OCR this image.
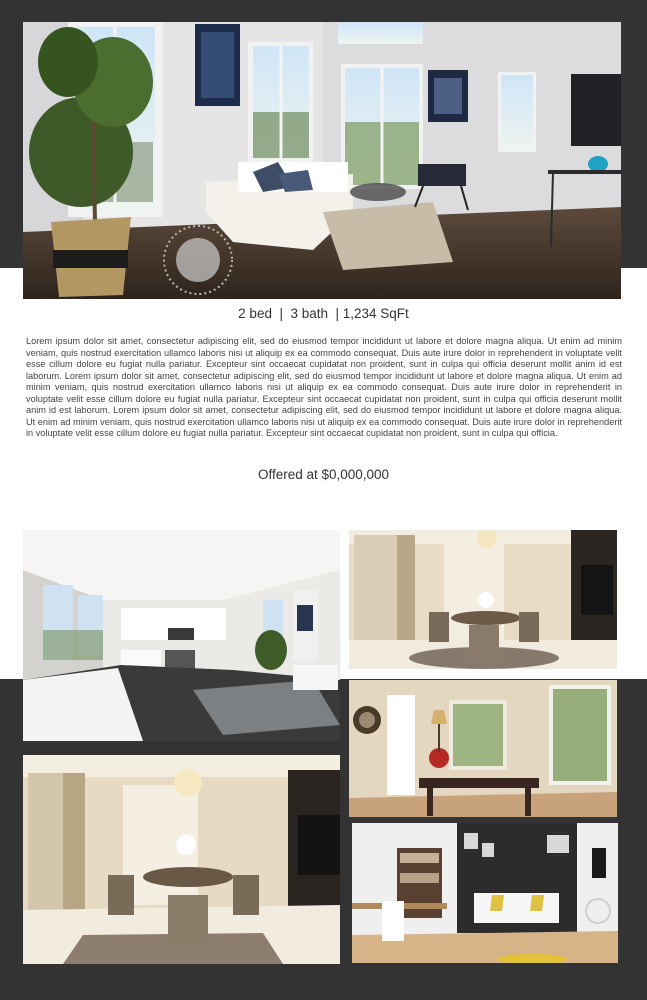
2 bed  |  3 bath  | 1,234 SqFt

Lorem ipsum dolor sit amet, consectetur adipiscing elit, sed do eiusmod tempor incididunt ut labore et dolore magna aliqua. Ut enim ad minim veniam, quis nostrud exercitation ullamco laboris nisi ut aliquip ex ea commodo consequat. Duis aute irure dolor in reprehenderit in voluptate velit esse cillum dolore eu fugiat nulla pariatur. Excepteur sint occaecat cupidatat non proident, sunt in culpa qui officia deserunt mollit anim id est laborum. Lorem ipsum dolor sit amet, consectetur adipiscing elit, sed do eiusmod tempor incididunt ut labore et dolore magna aliqua. Ut enim ad minim veniam, quis nostrud exercitation ullamco laboris nisi ut aliquip ex ea commodo consequat. Duis aute irure dolor in reprehenderit in voluptate velit esse cillum dolore eu fugiat nulla pariatur. Excepteur sint occaecat cupidatat non proident, sunt in culpa qui officia deserunt mollit anim id est laborum. Lorem ipsum dolor sit amet, consectetur adipiscing elit, sed do eiusmod tempor incididunt ut labore et dolore magna aliqua. Ut enim ad minim veniam, quis nostrud exercitation ullamco laboris nisi ut aliquip ex ea commodo consequat. Duis aute irure dolor in reprehenderit in voluptate velit esse cillum dolore eu fugiat nulla pariatur. Excepteur sint occaecat cupidatat non proident, sunt in culpa qui officia.

Offered at $0,000,000
